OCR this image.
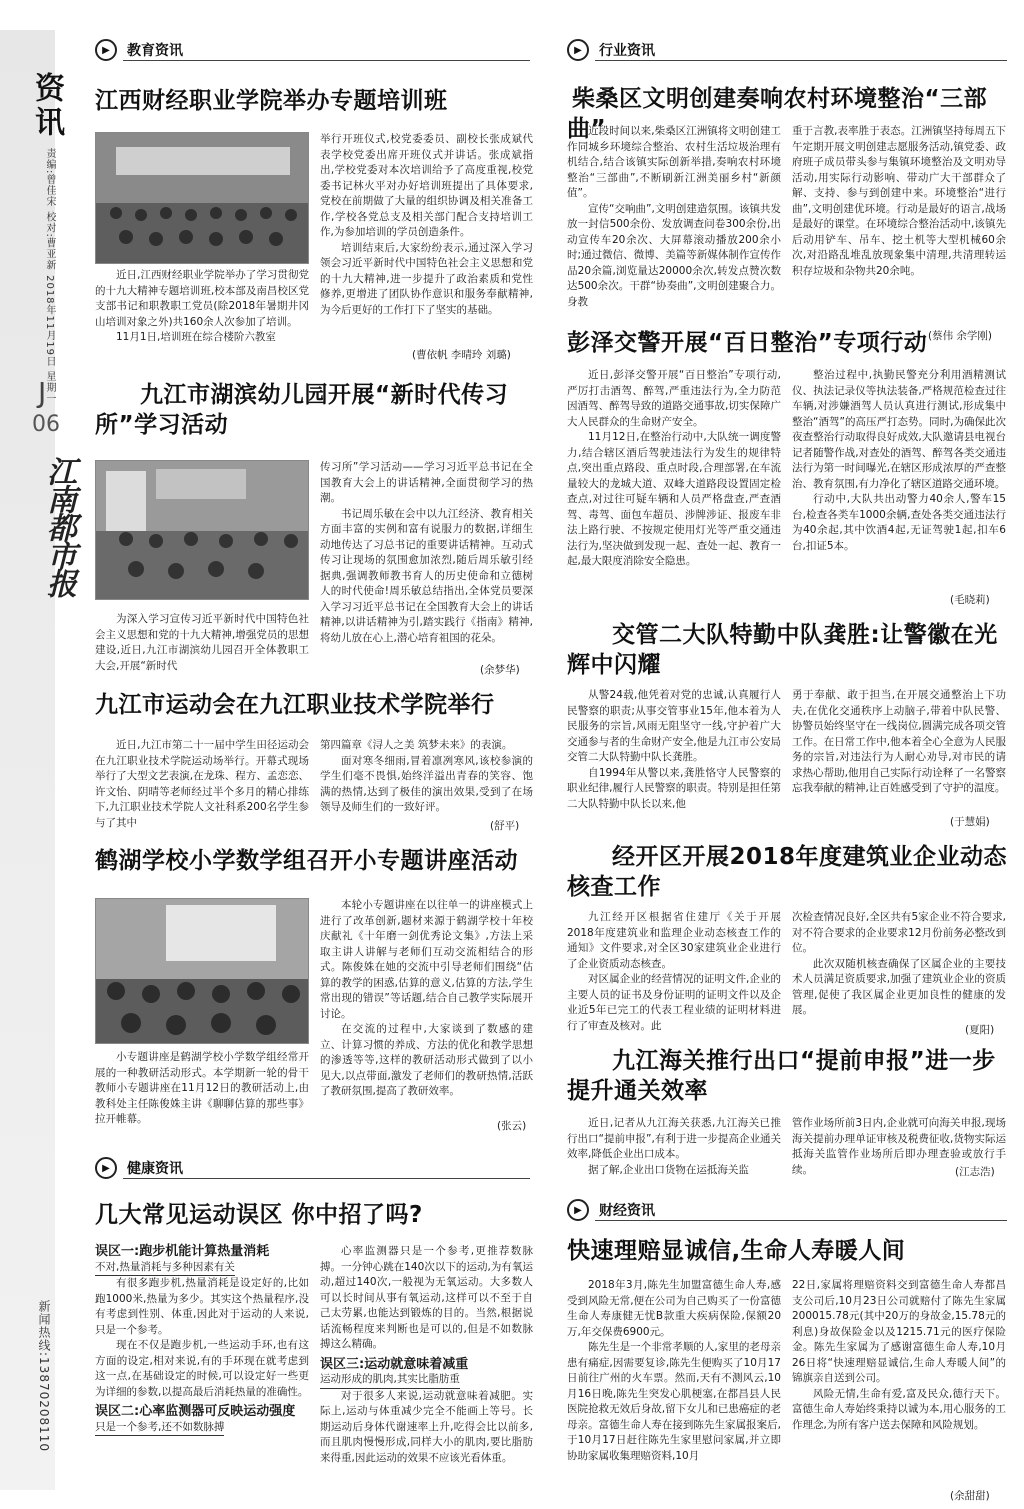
资讯
责编:曾佳宋 校对:曹亚新 2018年11月19日 星期一
J
06
江南都市报
新闻热线:13870208110
▶	教育资讯
江西财经职业学院举办专题培训班
近日,江西财经职业学院举办了学习贯彻党的十九大精神专题培训班,校本部及南昌校区党支部书记和职教职工党员(除2018年暑期井冈山培训对象之外)共160余人次参加了培训。
11月1日,培训班在综合楼阶六教室
举行开班仪式,校党委委员、副校长张成斌代表学校党委出席开班仪式并讲话。张成斌指出,学校党委对本次培训给予了高度重视,校党委书记林火平对办好培训班提出了具体要求,党校在前期做了大量的组织协调及相关准备工作,学校各党总支及相关部门配合支持培训工作,为参加培训的学员创造条件。
培训结束后,大家纷纷表示,通过深入学习领会习近平新时代中国特色社会主义思想和党的十九大精神,进一步提升了政治素质和党性修养,更增进了团队协作意识和服务奉献精神,为今后更好的工作打下了坚实的基础。
(曹依帆 李晴玲 刘璐)
九江市湖滨幼儿园开展“新时代传习所”学习活动
为深入学习宣传习近平新时代中国特色社会主义思想和党的十九大精神,增强党员的思想建设,近日,九江市湖滨幼儿园召开全体教职工大会,开展“新时代
传习所”学习活动——学习习近平总书记在全国教育大会上的讲话精神,全面贯彻学习的热潮。
书记周乐敏在会中以九江经济、教育相关方面丰富的实例和富有说服力的数据,详细生动地传达了习总书记的重要讲话精神。互动式传习让现场的氛围愈加浓烈,随后周乐敏引经据典,强调教师教书育人的历史使命和立德树人的时代使命!周乐敏总结指出,全体党员要深入学习习近平总书记在全国教育大会上的讲话精神,以讲话精神为引,踏实践行《指南》精神,将幼儿放在心上,潜心培育祖国的花朵。
(余梦华)
九江市运动会在九江职业技术学院举行
近日,九江市第二十一届中学生田径运动会在九江职业技术学院运动场举行。开幕式现场举行了大型文艺表演,在龙珠、程方、孟恋恋、许文怡、阴晴等老师经过半个多月的精心排练下,九江职业技术学院人文社科系200名学生参与了其中
第四篇章《浔人之美 筑梦未来》的表演。
面对寒冬细雨,冒着凛冽寒风,该校参演的学生们毫不畏惧,始终洋溢出青春的笑容、饱满的热情,达到了极佳的演出效果,受到了在场领导及师生们的一致好评。
(舒平)
鹤湖学校小学数学组召开小专题讲座活动
小专题讲座是鹤湖学校小学数学组经常开展的一种教研活动形式。本学期新一轮的骨干教师小专题讲座在11月12日的教研活动上,由教科处主任陈俊姝主讲《聊聊估算的那些事》拉开帷幕。
本轮小专题讲座在以往单一的讲座模式上进行了改革创新,题材来源于鹤湖学校十年校庆献礼《十年磨一剑优秀论文集》,方法上采取主讲人讲解与老师们互动交流相结合的形式。陈俊姝在她的交流中引导老师们围绕“估算的教学的困惑,估算的意义,估算的方法,学生常出现的错误”等话题,结合自己教学实际展开讨论。
在交流的过程中,大家谈到了数感的建立、计算习惯的养成、方法的优化和教学思想的渗透等等,这样的教研活动形式做到了以小见大,以点带面,激发了老师们的教研热情,活跃了教研氛围,提高了教研效率。
(张云)
▶	健康资讯
几大常见运动误区 你中招了吗?
误区一:跑步机能计算热量消耗
不对,热量消耗与多种因素有关
有很多跑步机,热量消耗是设定好的,比如跑1000米,热量为多少。其实这个热量程序,没有考虑到性别、体重,因此对于运动的人来说,只是一个参考。
现在不仅是跑步机,一些运动手环,也有这方面的设定,相对来说,有的手环现在就考虑到这一点,在基础设定的时候,可以设定好一些更为详细的参数,以提高最后消耗热量的准确性。
误区二:心率监测器可反映运动强度
只是一个参考,还不如数脉搏
心率监测器只是一个参考,更推荐数脉搏。一分钟心跳在140次以下的运动,为有氧运动,超过140次,一般视为无氧运动。大多数人可以长时间从事有氧运动,这样可以不至于自己太劳累,也能达到锻炼的目的。当然,根据说话流畅程度来判断也是可以的,但是不如数脉搏这么精确。
误区三:运动就意味着减重
运动形成的肌肉,其实比脂肪重
对于很多人来说,运动就意味着减肥。实际上,运动与体重减少完全不能画上等号。长期运动后身体代谢速率上升,吃得会比以前多,而且肌肉慢慢形成,同样大小的肌肉,要比脂肪来得重,因此运动的效果不应该光看体重。
▶	行业资讯
柴桑区文明创建奏响农村环境整治“三部曲”
近段时间以来,柴桑区江洲镇将文明创建工作同城乡环境综合整治、农村生活垃圾治理有机结合,结合该镇实际创新举措,奏响农村环境整治“三部曲”,不断刷新江洲美丽乡村“新颜值”。
宣传“交响曲”,文明创建造氛围。该镇共发放一封信500余份、发放调查问卷300余份,出动宣传车20余次、大屏幕滚动播放200余小时;通过微信、微博、美篇等新媒体制作宣传作品20余篇,浏览量达20000余次,转发点赞次数达500余次。干群“协奏曲”,文明创建聚合力。身教
重于言教,表率胜于表态。江洲镇坚持每周五下午定期开展文明创建志愿服务活动,镇党委、政府班子成员带头参与集镇环境整治及文明劝导活动,用实际行动影响、带动广大干部群众了解、支持、参与到创建中来。环境整治“进行曲”,文明创建优环境。行动是最好的语言,战场是最好的课堂。在环境综合整治活动中,该镇先后动用铲车、吊车、挖土机等大型机械60余次,对沿路乱堆乱放现象集中清理,共清理转运积存垃圾和杂物共20余吨。
(蔡伟 余学刚)
彭泽交警开展“百日整治”专项行动
近日,彭泽交警开展“百日整治”专项行动,严厉打击酒驾、醉驾,严重违法行为,全力防范因酒驾、醉驾导致的道路交通事故,切实保障广大人民群众的生命财产安全。
11月12日,在整治行动中,大队统一调度警力,结合辖区酒后驾驶违法行为发生的规律特点,突出重点路段、重点时段,合理部署,在车流量较大的龙城大道、双峰大道路段设置固定检查点,对过往可疑车辆和人员严格盘查,严查酒驾、毒驾、面包车超员、涉牌涉证、报废车非法上路行驶、不按规定使用灯光等严重交通违法行为,坚决做到发现一起、查处一起、教育一起,最大限度消除安全隐患。
整治过程中,执勤民警充分利用酒精测试仪、执法记录仪等执法装备,严格规范检查过往车辆,对涉嫌酒驾人员认真进行测试,形成集中整治“酒驾”的高压严打态势。同时,为确保此次夜查整治行动取得良好成效,大队邀请县电视台记者随警作战,对查处的酒驾、醉驾各类交通违法行为第一时间曝光,在辖区形成浓厚的严查整治、教育氛围,有力净化了辖区道路交通环境。
行动中,大队共出动警力40余人,警车15台,检查各类车1000余辆,查处各类交通违法行为40余起,其中饮酒4起,无证驾驶1起,扣车6台,扣证5本。
(毛晓莉)
交管二大队特勤中队龚胜:让警徽在光辉中闪耀
从警24载,他凭着对党的忠诚,认真履行人民警察的职责;从事交管事业15年,他本着为人民服务的宗旨,风雨无阻坚守一线,守护着广大交通参与者的生命财产安全,他是九江市公安局交管二大队特勤中队长龚胜。
自1994年从警以来,龚胜恪守人民警察的职业纪律,履行人民警察的职责。特别是担任第二大队特勤中队长以来,他
勇于奉献、敢于担当,在开展交通整治上下功夫,在优化交通秩序上动脑子,带着中队民警、协警员始终坚守在一线岗位,圆满完成各项交管工作。在日常工作中,他本着全心全意为人民服务的宗旨,对违法行为人耐心劝导,对市民的请求热心帮助,他用自己实际行动诠释了一名警察忘我奉献的精神,让百姓感受到了守护的温度。
(于慧娟)
经开区开展2018年度建筑业企业动态核查工作
九江经开区根据省住建厅《关于开展2018年度建筑业和监理企业动态核查工作的通知》文件要求,对全区30家建筑业企业进行了企业资质动态核查。
对区属企业的经营情况的证明文件,企业的主要人员的证书及身份证明的证明文件以及企业近5年已完工的代表工程业绩的证明材料进行了审查及核对。此
次检查情况良好,全区共有5家企业不符合要求,对不符合要求的企业要求12月份前务必整改到位。
此次双随机核查确保了区属企业的主要技术人员满足资质要求,加强了建筑业企业的资质管理,促使了我区属企业更加良性的健康的发展。
(夏阳)
九江海关推行出口“提前申报”进一步提升通关效率
近日,记者从九江海关获悉,九江海关已推行出口“提前申报”,有利于进一步提高企业通关效率,降低企业出口成本。
据了解,企业出口货物在运抵海关监
管作业场所前3日内,企业就可向海关申报,现场海关提前办理单证审核及税费征收,货物实际运抵海关监管作业场所后即办理查验或放行手续。	(江志浩)
▶	财经资讯
快速理赔显诚信,生命人寿暖人间
2018年3月,陈先生加盟富德生命人寿,感受到风险无常,便在公司为自己购买了一份富德生命人寿康健无忧B款重大疾病保险,保额20万,年交保费6900元。
陈先生是一个非常孝顺的人,家里的老母亲患有痛症,因需要复诊,陈先生便购买了10月17日前往广州的火车票。然而,天有不测风云,10月16日晚,陈先生突发心肌梗塞,在都昌县人民医院抢救无效后身故,留下女儿和已患癌症的老母亲。富德生命人寿在接到陈先生家属报案后,于10月17日赶往陈先生家里慰问家属,并立即协助家属收集理赔资料,10月
22日,家属将理赔资料交到富德生命人寿都昌支公司后,10月23日公司就赔付了陈先生家属200015.78元(其中20万的身故金,15.78元的利息)身故保险金以及1215.71元的医疗保险金。陈先生家属为了感谢富德生命人寿,10月26日将“快速理赔显诚信,生命人寿暖人间”的锦旗亲自送到公司。
风险无情,生命有爱,富及民众,德行天下。富德生命人寿始终秉持以诚为本,用心服务的工作理念,为所有客户送去保障和风险规划。
(余甜甜)
